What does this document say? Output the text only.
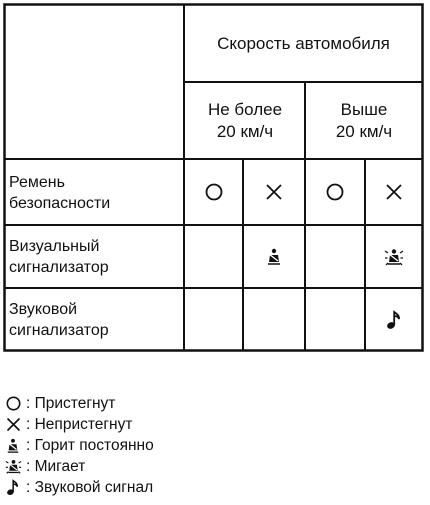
Скорость автомобиля
Не более
20 км/ч
Выше
20 км/ч
Ремень
безопасности
Визуальный
сигнализатор
Звуковой
сигнализатор
: Пристегнут
: Непристегнут
: Горит постоянно
: Мигает
: Звуковой сигнал
